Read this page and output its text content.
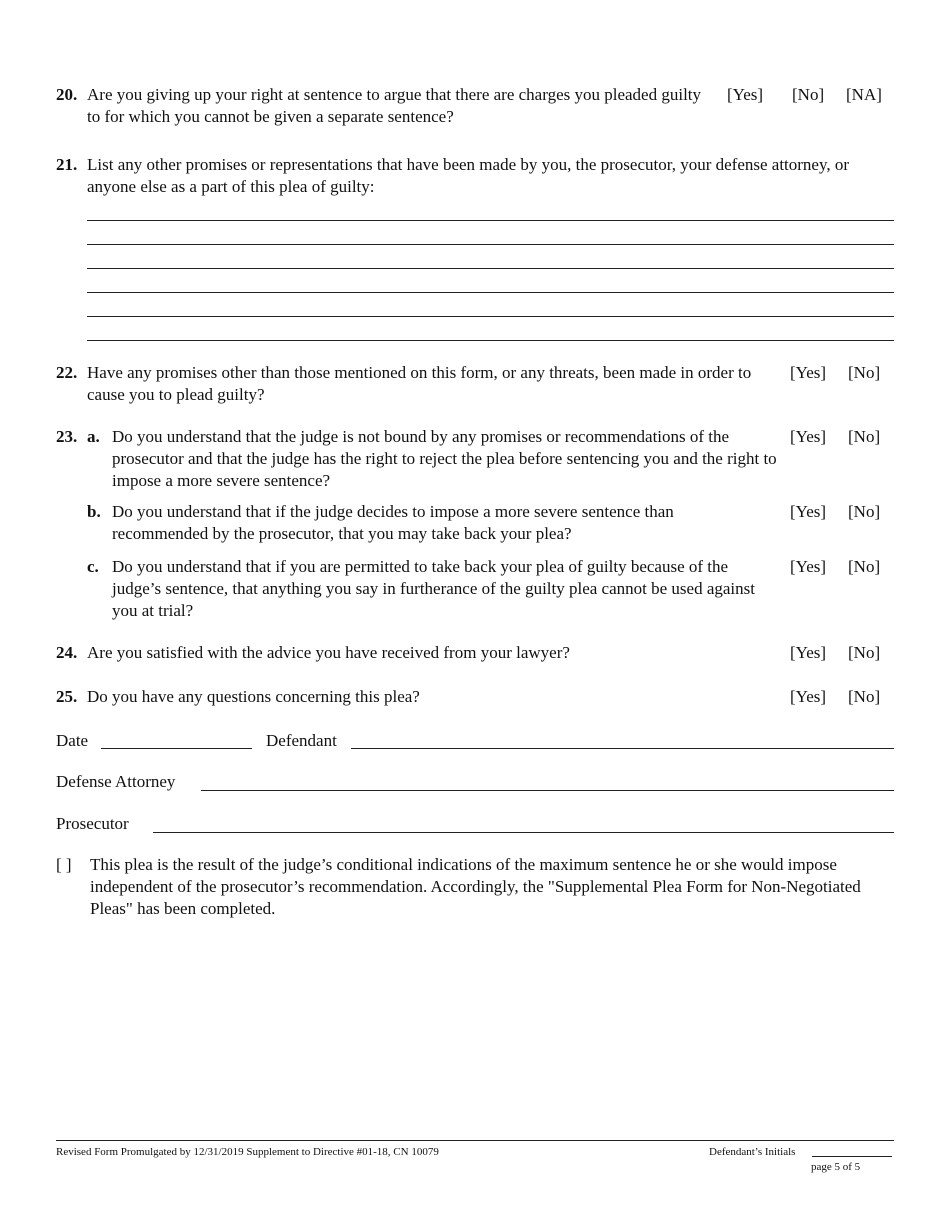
20. Are you giving up your right at sentence to argue that there are charges you pleaded guilty to for which you cannot be given a separate sentence?
[Yes] [No] [NA]
21. List any other promises or representations that have been made by you, the prosecutor, your defense attorney, or anyone else as a part of this plea of guilty:
22. Have any promises other than those mentioned on this form, or any threats, been made in order to cause you to plead guilty?
[Yes] [No]
23. a. Do you understand that the judge is not bound by any promises or recommendations of the prosecutor and that the judge has the right to reject the plea before sentencing you and the right to impose a more severe sentence?
[Yes] [No]
b. Do you understand that if the judge decides to impose a more severe sentence than recommended by the prosecutor, that you may take back your plea?
[Yes] [No]
c. Do you understand that if you are permitted to take back your plea of guilty because of the judge’s sentence, that anything you say in furtherance of the guilty plea cannot be used against you at trial?
[Yes] [No]
24. Are you satisfied with the advice you have received from your lawyer?	[Yes] [No]
25. Do you have any questions concerning this plea?	[Yes] [No]
Date	Defendant
Defense Attorney
Prosecutor
[ ] This plea is the result of the judge’s conditional indications of the maximum sentence he or she would impose independent of the prosecutor’s recommendation. Accordingly, the "Supplemental Plea Form for Non-Negotiated Pleas" has been completed.
Revised Form Promulgated by 12/31/2019 Supplement to Directive #01-18, CN 10079	Defendant’s Initials
page 5 of 5
